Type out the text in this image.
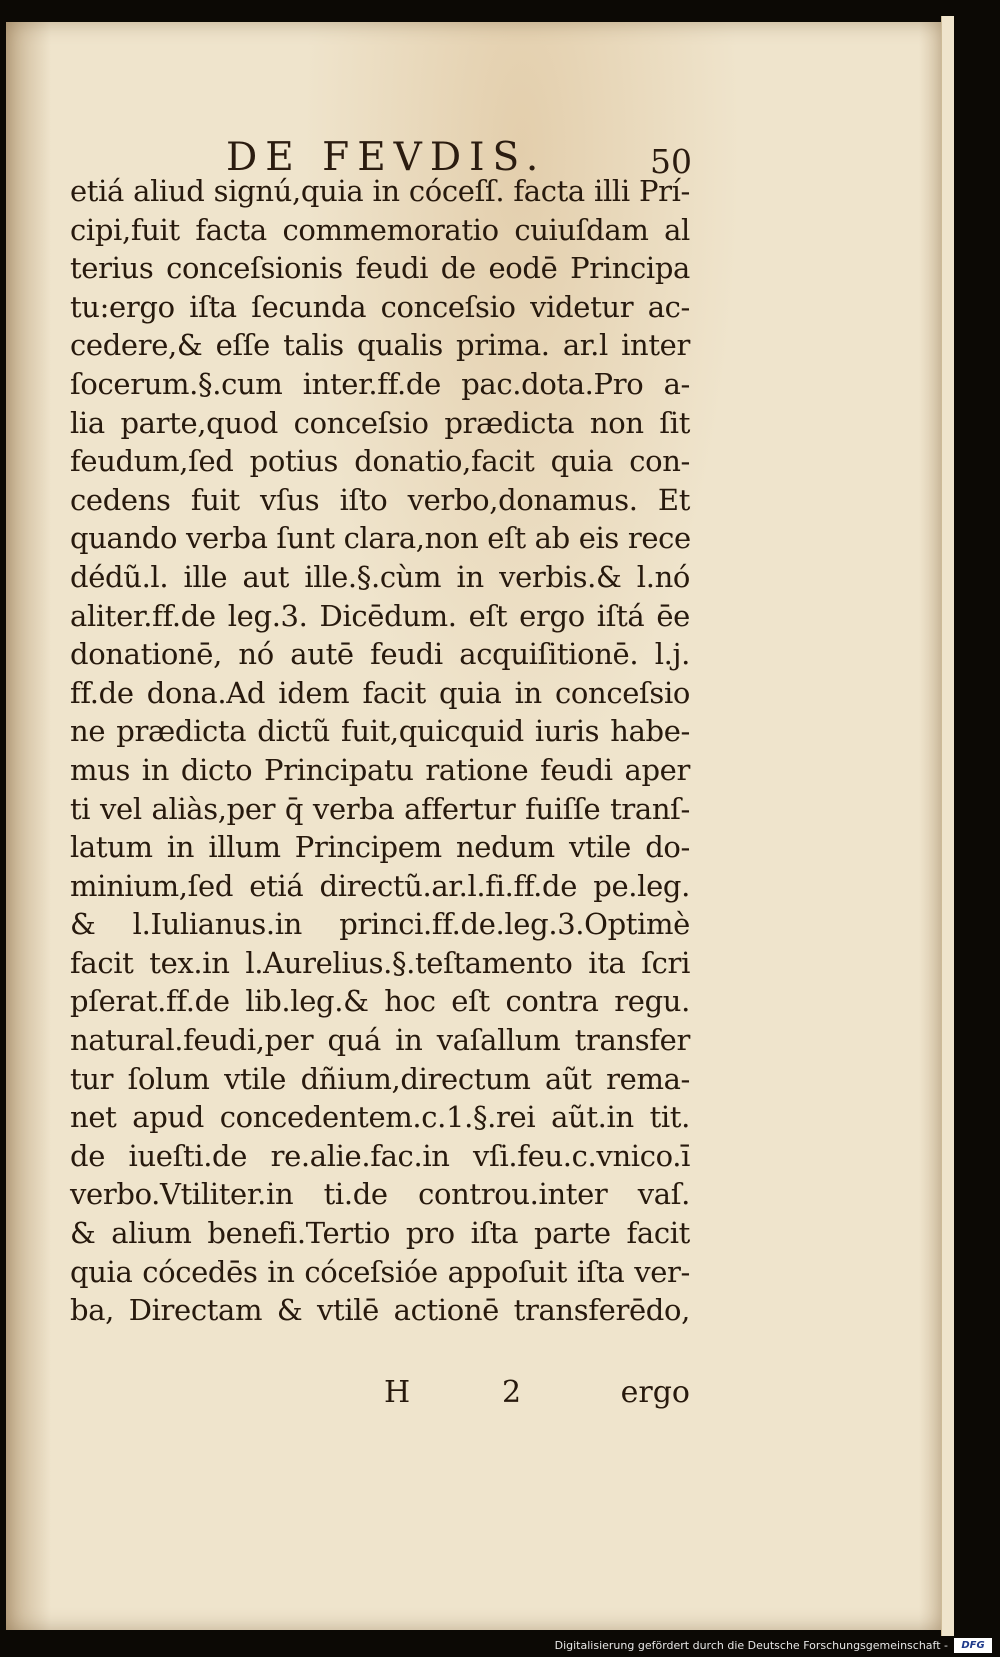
DE FEVDIS.	50
etiá aliud signú,quia in cóceſſ. facta illi Prí-
cipi,fuit facta commemoratio cuiuſdam al
terius conceſsionis feudi de eodē Principa
tu:ergo iſta ſecunda conceſsio videtur ac-
cedere,& eſſe talis qualis prima. ar.l inter
ſocerum.§.cum inter.ff.de pac.dota.Pro a-
lia parte,quod conceſsio prædicta non ſit
feudum,ſed potius donatio,facit quia con-
cedens fuit vſus iſto verbo,donamus. Et
quando verba ſunt clara,non eſt ab eis rece
dédũ.l. ille aut ille.§.cùm in verbis.& l.nó
aliter.ff.de leg.3. Dicēdum. eſt ergo iſtá ēe
donationē, nó autē feudi acquiſitionē. l.j.
ff.de dona.Ad idem facit quia in conceſsio
ne prædicta dictũ fuit,quicquid iuris habe-
mus in dicto Principatu ratione feudi aper
ti vel aliàs,per q̄ verba affertur fuiſſe tranſ-
latum in illum Principem nedum vtile do-
minium,ſed etiá directũ.ar.l.fi.ff.de pe.leg.
& l.Iulianus.in princi.ff.de.leg.3.Optimè
facit tex.in l.Aurelius.§.teſtamento ita ſcri
pſerat.ff.de lib.leg.& hoc eſt contra regu.
natural.feudi,per quá in vaſallum transfer
tur ſolum vtile dñium,directum aũt rema-
net apud concedentem.c.1.§.rei aũt.in tit.
de iueſti.de re.alie.fac.in vſi.feu.c.vnico.ī
verbo.Vtiliter.in ti.de controu.inter vaſ.
& alium benefi.Tertio pro iſta parte facit
quia cócedēs in cóceſsióe appoſuit iſta ver-
ba, Directam & vtilē actionē transferēdo,
H	2	ergo
Digitalisierung gefördert durch die Deutsche Forschungsgemeinschaft -	DFG
